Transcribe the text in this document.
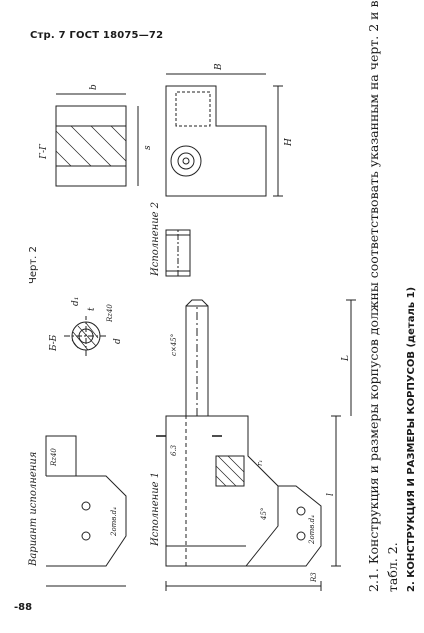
Стр. 7 ГОСТ 18075—72
-88
2.1. Конструкция и размеры корпусов должны соответствовать указанным на черт. 2 и в табл. 2. 2. КОНСТРУКЦИЯ И РАЗМЕРЫ КОРПУСОВ (деталь 1)
Исполнение 1
Исполнение 2
Вариант исполнения
Б-Б
Г-Г
Черт. 2
c×45°
45°
2отв.d₄
2отв.d₄
H
B
L
l
r₁
R3
Rz40
Rz40
6.3
d
d₁
b
s
t
